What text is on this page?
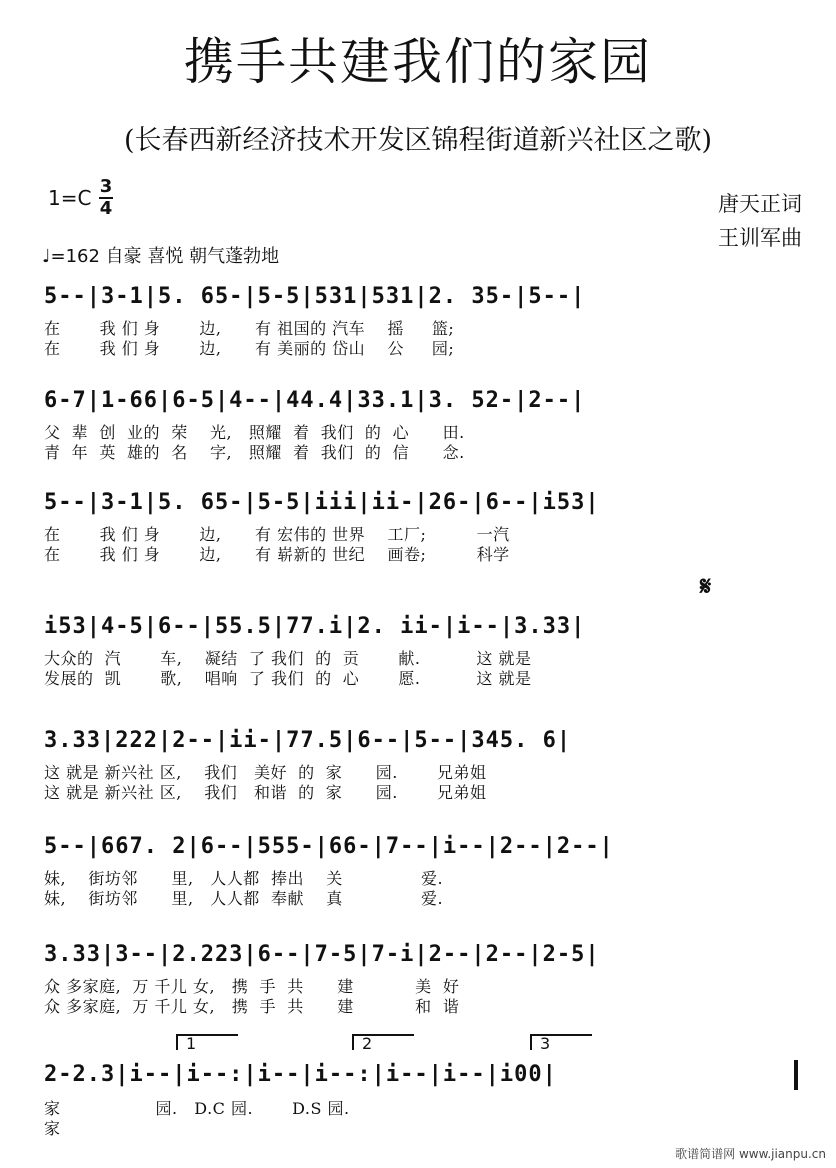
携手共建我们的家园
(长春西新经济技术开发区锦程街道新兴社区之歌)
1=C 3
4
♩=162 自豪 喜悦 朝气蓬勃地
唐天正词
王训军曲
5--|3-1|5. 65-|5-5|531|531|2. 35-|5--|
在       我 们 身       边,      有 祖国的 汽车    摇     篮;
在       我 们 身       边,      有 美丽的 岱山    公     园;
6-7|1-66|6-5|4--|44.4|33.1|3. 52-|2--|
父  辈  创  业的  荣    光,   照耀  着  我们  的  心      田.
青  年  英  雄的  名    字,   照耀  着  我们  的  信      念.
5--|3-1|5. 65-|5-5|iii|ii-|26-|6--|i53|
在       我 们 身       边,      有 宏伟的 世界    工厂;         一汽
在       我 们 身       边,      有 崭新的 世纪    画卷;         科学
𝄋
i53|4-5|6--|55.5|77.i|2. ii-|i--|3.33|
大众的  汽       车,    凝结  了 我们  的  贡       献.          这 就是
发展的  凯       歌,    唱响  了 我们  的  心       愿.          这 就是
3.33|222|2--|ii-|77.5|6--|5--|345. 6|
这 就是 新兴社 区,    我们   美好  的  家      园.       兄弟姐
这 就是 新兴社 区,    我们   和谐  的  家      园.       兄弟姐
5--|667. 2|6--|555-|66-|7--|i--|2--|2--|
妹,    街坊邻      里,   人人都  捧出    关              爱.
妹,    街坊邻      里,   人人都  奉献    真              爱.
3.33|3--|2.223|6--|7-5|7-i|2--|2--|2-5|
众 多家庭,  万 千儿 女,   携  手  共      建           美  好
众 多家庭,  万 千儿 女,   携  手  共      建           和  谐
1	2	3
2-2.3|i--|i--:|i--|i--:|i--|i--|i00|
家                 园.   D.C 园.       D.S 园.
家
歌谱简谱网 www.jianpu.cn
